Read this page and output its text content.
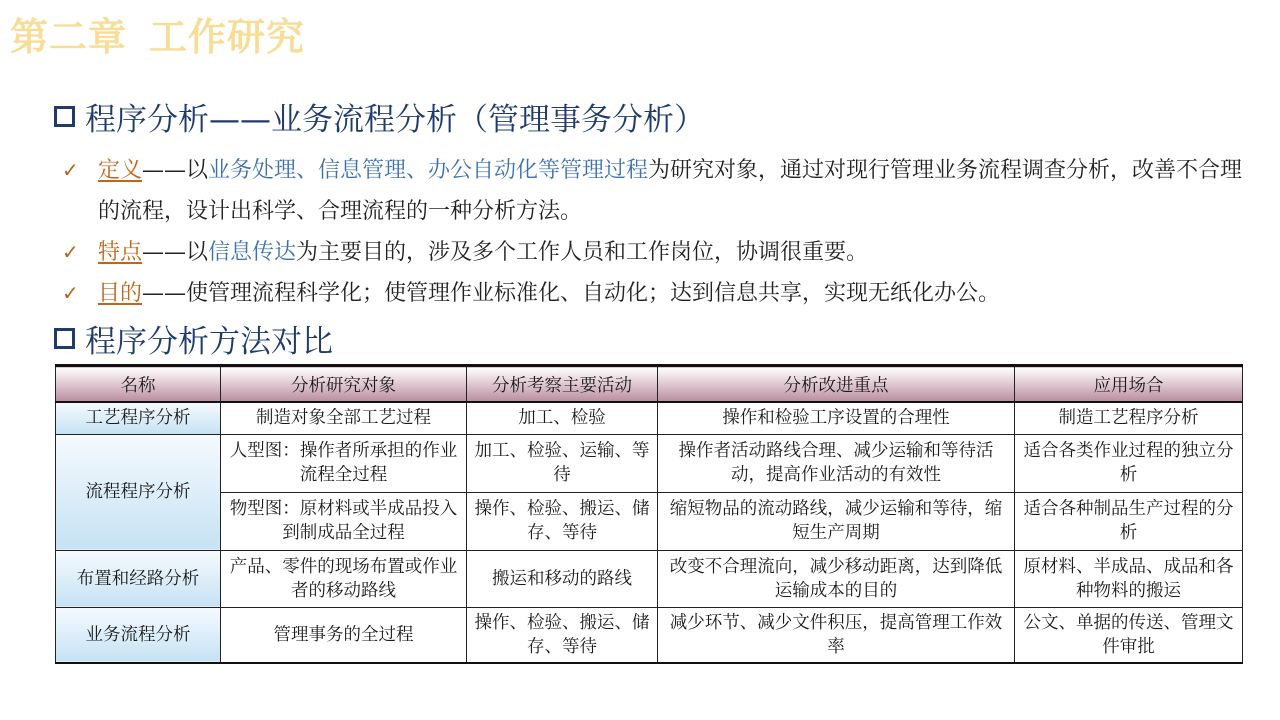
第二章 工作研究
程序分析——业务流程分析（管理事务分析）
✓ 定义——以业务处理、信息管理、办公自动化等管理过程为研究对象，通过对现行管理业务流程调查分析，改善不合理的流程，设计出科学、合理流程的一种分析方法。
✓ 特点——以信息传达为主要目的，涉及多个工作人员和工作岗位，协调很重要。
✓ 目的——使管理流程科学化；使管理作业标准化、自动化；达到信息共享，实现无纸化办公。
程序分析方法对比
名称	分析研究对象	分析考察主要活动	分析改进重点	应用场合
工艺程序分析	制造对象全部工艺过程	加工、检验	操作和检验工序设置的合理性	制造工艺程序分析
流程程序分析	人型图：操作者所承担的作业流程全过程	加工、检验、运输、等待	操作者活动路线合理、减少运输和等待活动，提高作业活动的有效性	适合各类作业过程的独立分析
	物型图：原材料或半成品投入到制成品全过程	操作、检验、搬运、储存、等待	缩短物品的流动路线，减少运输和等待，缩短生产周期	适合各种制品生产过程的分析
布置和经路分析	产品、零件的现场布置或作业者的移动路线	搬运和移动的路线	改变不合理流向，减少移动距离，达到降低运输成本的目的	原材料、半成品、成品和各种物料的搬运
业务流程分析	管理事务的全过程	操作、检验、搬运、储存、等待	减少环节、减少文件积压，提高管理工作效率	公文、单据的传送、管理文件审批
